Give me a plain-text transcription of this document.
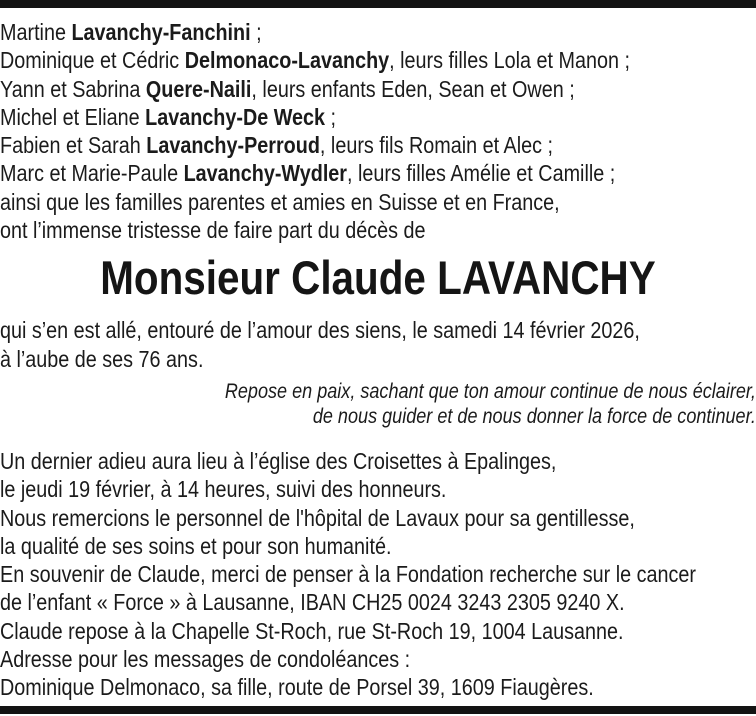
Martine Lavanchy-Fanchini ;
Dominique et Cédric Delmonaco-Lavanchy, leurs filles Lola et Manon ;
Yann et Sabrina Quere-Naili, leurs enfants Eden, Sean et Owen ;
Michel et Eliane Lavanchy-De Weck ;
Fabien et Sarah Lavanchy-Perroud, leurs fils Romain et Alec ;
Marc et Marie-Paule Lavanchy-Wydler, leurs filles Amélie et Camille ;
ainsi que les familles parentes et amies en Suisse et en France,
ont l’immense tristesse de faire part du décès de
Monsieur Claude LAVANCHY
qui s’en est allé, entouré de l’amour des siens, le samedi 14 février 2026,
à l’aube de ses 76 ans.
Repose en paix, sachant que ton amour continue de nous éclairer,
de nous guider et de nous donner la force de continuer.
Un dernier adieu aura lieu à l’église des Croisettes à Epalinges,
le jeudi 19 février, à 14 heures, suivi des honneurs.
Nous remercions le personnel de l'hôpital de Lavaux pour sa gentillesse,
la qualité de ses soins et pour son humanité.
En souvenir de Claude, merci de penser à la Fondation recherche sur le cancer
de l’enfant « Force » à Lausanne, IBAN CH25 0024 3243 2305 9240 X.
Claude repose à la Chapelle St-Roch, rue St-Roch 19, 1004 Lausanne.
Adresse pour les messages de condoléances :
Dominique Delmonaco, sa fille, route de Porsel 39, 1609 Fiaugères.
